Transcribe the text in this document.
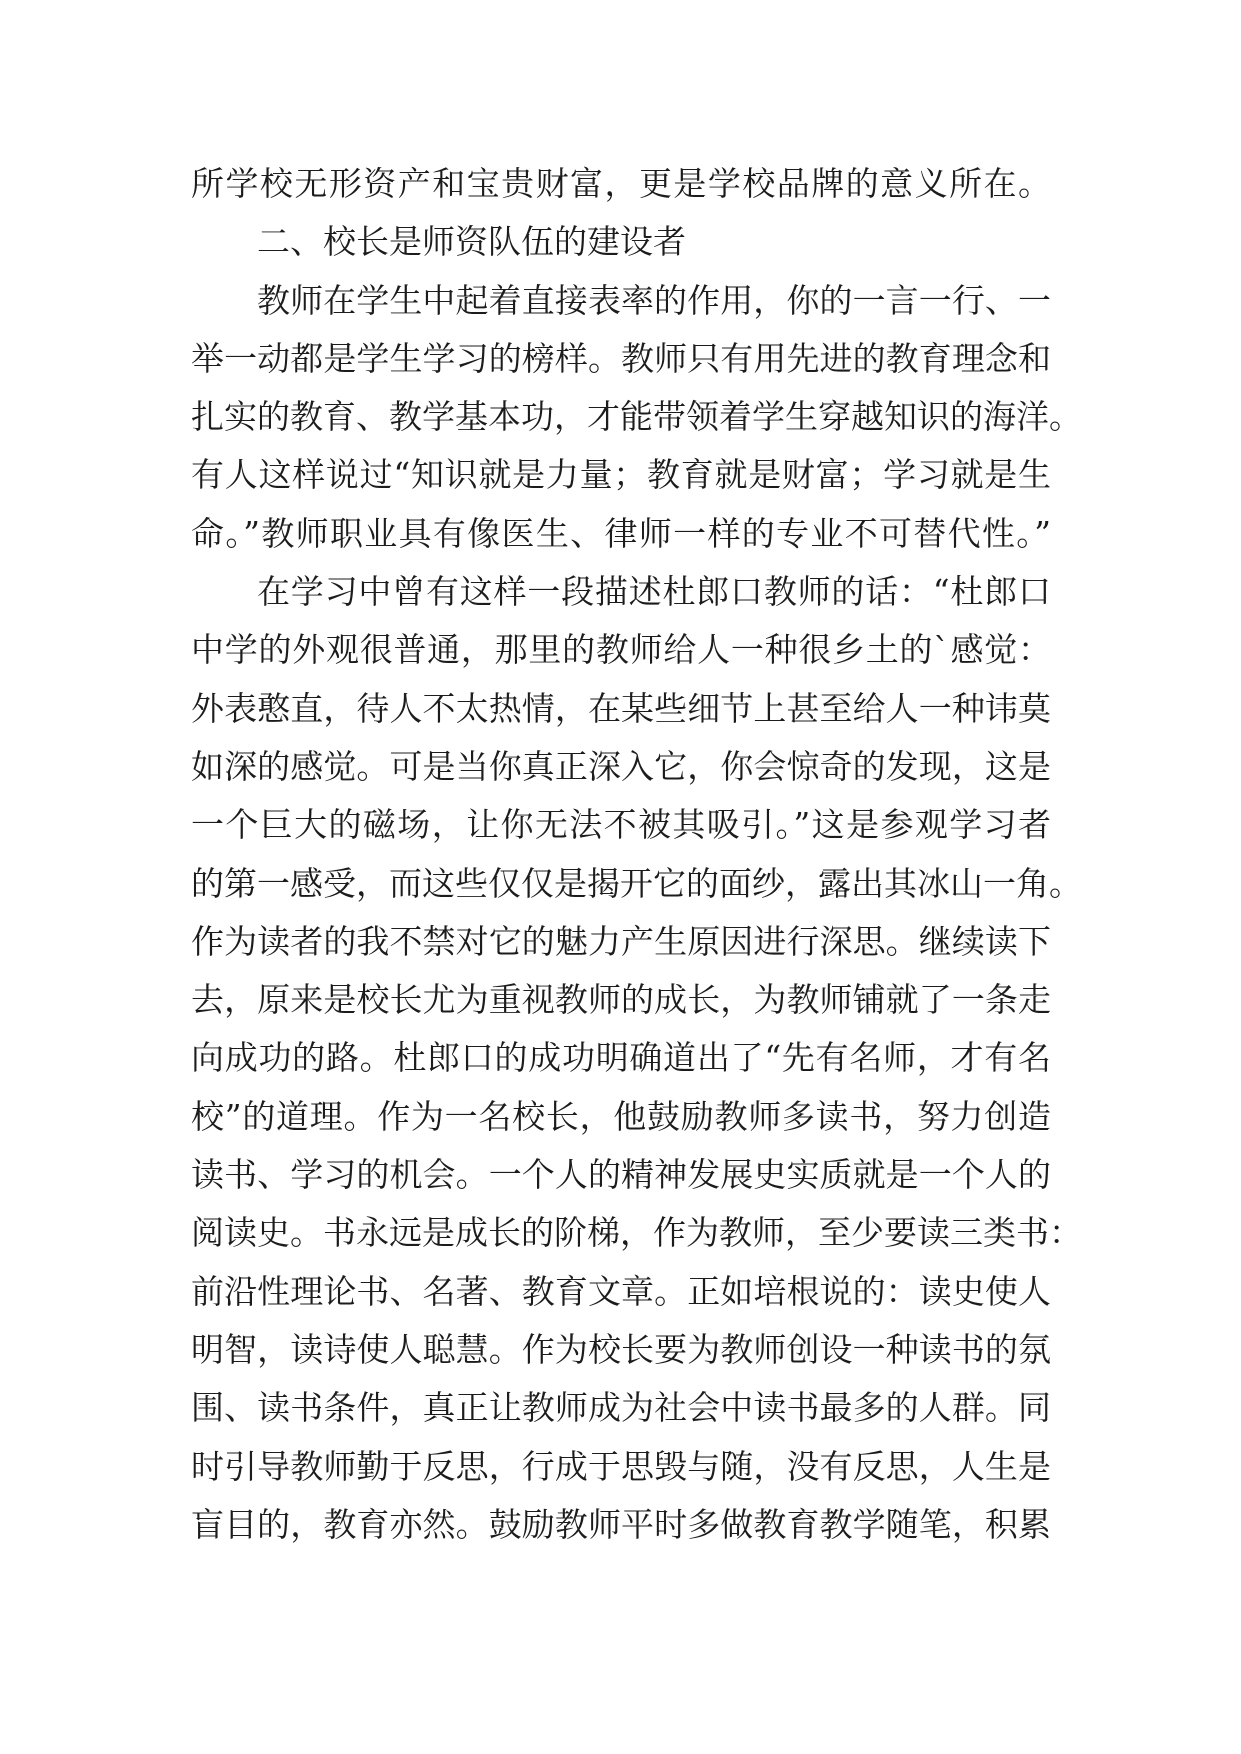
所学校无形资产和宝贵财富，更是学校品牌的意义所在。
二、校长是师资队伍的建设者
教师在学生中起着直接表率的作用，你的一言一行、一
举一动都是学生学习的榜样。教师只有用先进的教育理念和
扎实的教育、教学基本功，才能带领着学生穿越知识的海洋。
有人这样说过“知识就是力量；教育就是财富；学习就是生
命。”教师职业具有像医生、律师一样的专业不可替代性。”
在学习中曾有这样一段描述杜郎口教师的话：“杜郎口
中学的外观很普通，那里的教师给人一种很乡土的`感觉：
外表憨直，待人不太热情，在某些细节上甚至给人一种讳莫
如深的感觉。可是当你真正深入它，你会惊奇的发现，这是
一个巨大的磁场，让你无法不被其吸引。”这是参观学习者
的第一感受，而这些仅仅是揭开它的面纱，露出其冰山一角。
作为读者的我不禁对它的魅力产生原因进行深思。继续读下
去，原来是校长尤为重视教师的成长，为教师铺就了一条走
向成功的路。杜郎口的成功明确道出了“先有名师，才有名
校”的道理。作为一名校长，他鼓励教师多读书，努力创造
读书、学习的机会。一个人的精神发展史实质就是一个人的
阅读史。书永远是成长的阶梯，作为教师，至少要读三类书：
前沿性理论书、名著、教育文章。正如培根说的：读史使人
明智，读诗使人聪慧。作为校长要为教师创设一种读书的氛
围、读书条件，真正让教师成为社会中读书最多的人群。同
时引导教师勤于反思，行成于思毁与随，没有反思，人生是
盲目的，教育亦然。鼓励教师平时多做教育教学随笔，积累
